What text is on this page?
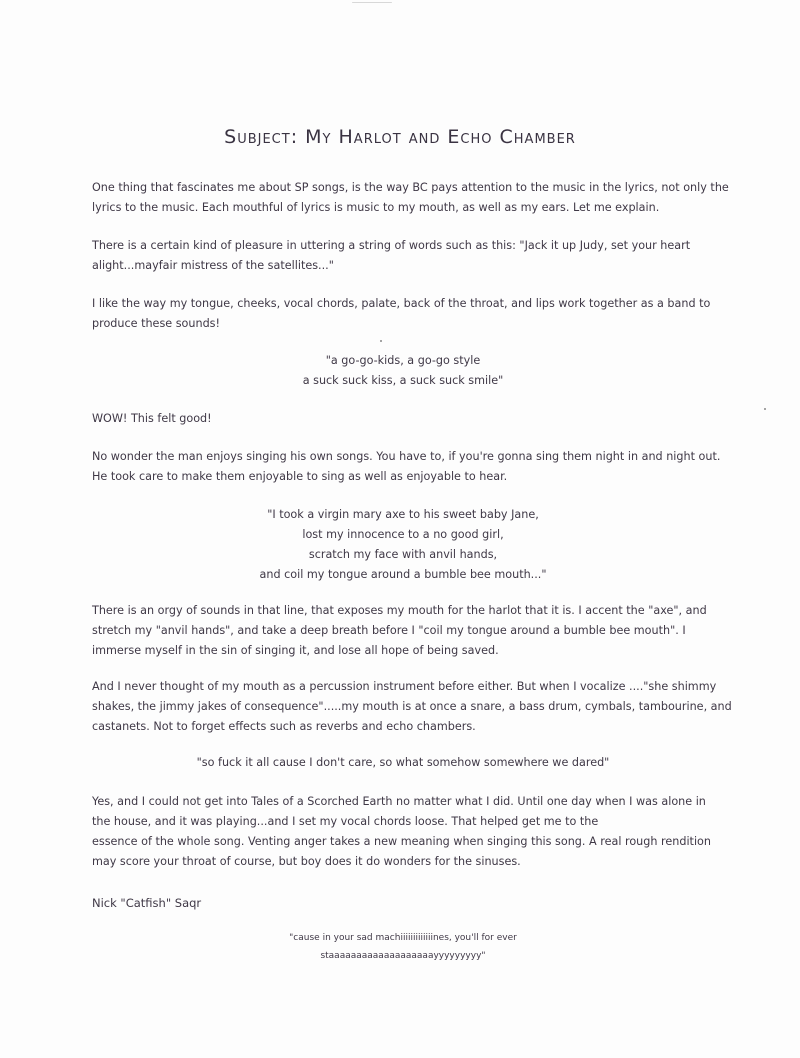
Subject: My Harlot and Echo Chamber
One thing that fascinates me about SP songs, is the way BC pays attention to the music in the lyrics, not only the
lyrics to the music. Each mouthful of lyrics is music to my mouth, as well as my ears. Let me explain.
There is a certain kind of pleasure in uttering a string of words such as this: "Jack it up Judy, set your heart
alight...mayfair mistress of the satellites..."
I like the way my tongue, cheeks, vocal chords, palate, back of the throat, and lips work together as a band to
produce these sounds!
"a go-go-kids, a go-go style
a suck suck kiss, a suck suck smile"
WOW! This felt good!
No wonder the man enjoys singing his own songs. You have to, if you're gonna sing them night in and night out.
He took care to make them enjoyable to sing as well as enjoyable to hear.
"I took a virgin mary axe to his sweet baby Jane,
lost my innocence to a no good girl,
scratch my face with anvil hands,
and coil my tongue around a bumble bee mouth..."
There is an orgy of sounds in that line, that exposes my mouth for the harlot that it is. I accent the "axe", and
stretch my "anvil hands", and take a deep breath before I "coil my tongue around a bumble bee mouth". I
immerse myself in the sin of singing it, and lose all hope of being saved.
And I never thought of my mouth as a percussion instrument before either. But when I vocalize ...."she shimmy
shakes, the jimmy jakes of consequence".....my mouth is at once a snare, a bass drum, cymbals, tambourine, and
castanets. Not to forget effects such as reverbs and echo chambers.
"so fuck it all cause I don't care, so what somehow somewhere we dared"
Yes, and I could not get into Tales of a Scorched Earth no matter what I did. Until one day when I was alone in
the house, and it was playing...and I set my vocal chords loose. That helped get me to the
essence of the whole song. Venting anger takes a new meaning when singing this song. A real rough rendition
may score your throat of course, but boy does it do wonders for the sinuses.
Nick "Catfish" Saqr
"cause in your sad machiiiiiiiiiiiiines, you'll for ever
staaaaaaaaaaaaaaaaaaayyyyyyyyy"
